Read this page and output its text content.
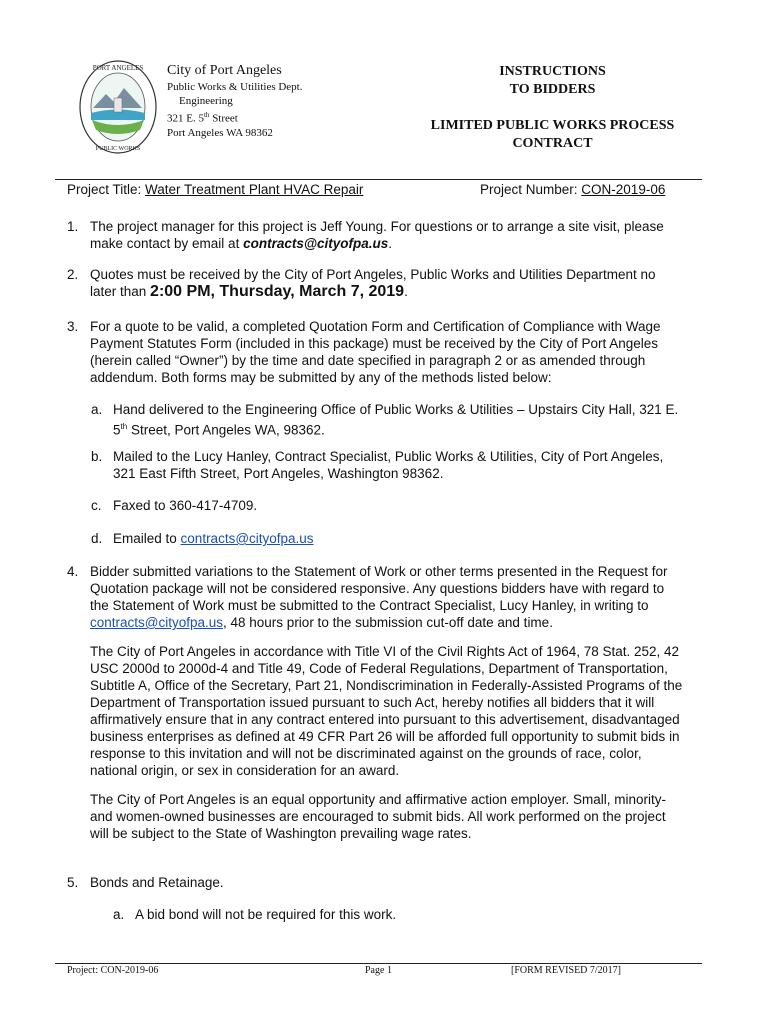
PORT ANGELES
PUBLIC WORKS
City of Port Angeles
Public Works & Utilities Dept.
Engineering
321 E. 5th Street
Port Angeles WA 98362
INSTRUCTIONS
TO BIDDERS
LIMITED PUBLIC WORKS PROCESS
CONTRACT
Project Title: Water Treatment Plant HVAC Repair	Project Number: CON-2019-06
1. The project manager for this project is Jeff Young. For questions or to arrange a site visit, please
make contact by email at contracts@cityofpa.us.
2. Quotes must be received by the City of Port Angeles, Public Works and Utilities Department no
later than 2:00 PM, Thursday, March 7, 2019.
3. For a quote to be valid, a completed Quotation Form and Certification of Compliance with Wage
Payment Statutes Form (included in this package) must be received by the City of Port Angeles
(herein called “Owner”) by the time and date specified in paragraph 2 or as amended through
addendum. Both forms may be submitted by any of the methods listed below:
a. Hand delivered to the Engineering Office of Public Works & Utilities – Upstairs City Hall, 321 E.
5th Street, Port Angeles WA, 98362.
b. Mailed to the Lucy Hanley, Contract Specialist, Public Works & Utilities, City of Port Angeles,
321 East Fifth Street, Port Angeles, Washington 98362.
c. Faxed to 360-417-4709.
d. Emailed to contracts@cityofpa.us
4. Bidder submitted variations to the Statement of Work or other terms presented in the Request for
Quotation package will not be considered responsive. Any questions bidders have with regard to
the Statement of Work must be submitted to the Contract Specialist, Lucy Hanley, in writing to
contracts@cityofpa.us, 48 hours prior to the submission cut-off date and time.
The City of Port Angeles in accordance with Title VI of the Civil Rights Act of 1964, 78 Stat. 252, 42
USC 2000d to 2000d-4 and Title 49, Code of Federal Regulations, Department of Transportation,
Subtitle A, Office of the Secretary, Part 21, Nondiscrimination in Federally-Assisted Programs of the
Department of Transportation issued pursuant to such Act, hereby notifies all bidders that it will
affirmatively ensure that in any contract entered into pursuant to this advertisement, disadvantaged
business enterprises as defined at 49 CFR Part 26 will be afforded full opportunity to submit bids in
response to this invitation and will not be discriminated against on the grounds of race, color,
national origin, or sex in consideration for an award.
The City of Port Angeles is an equal opportunity and affirmative action employer. Small, minority-
and women-owned businesses are encouraged to submit bids. All work performed on the project
will be subject to the State of Washington prevailing wage rates.
5. Bonds and Retainage.
a. A bid bond will not be required for this work.
Project: CON-2019-06	Page 1	[FORM REVISED 7/2017]
